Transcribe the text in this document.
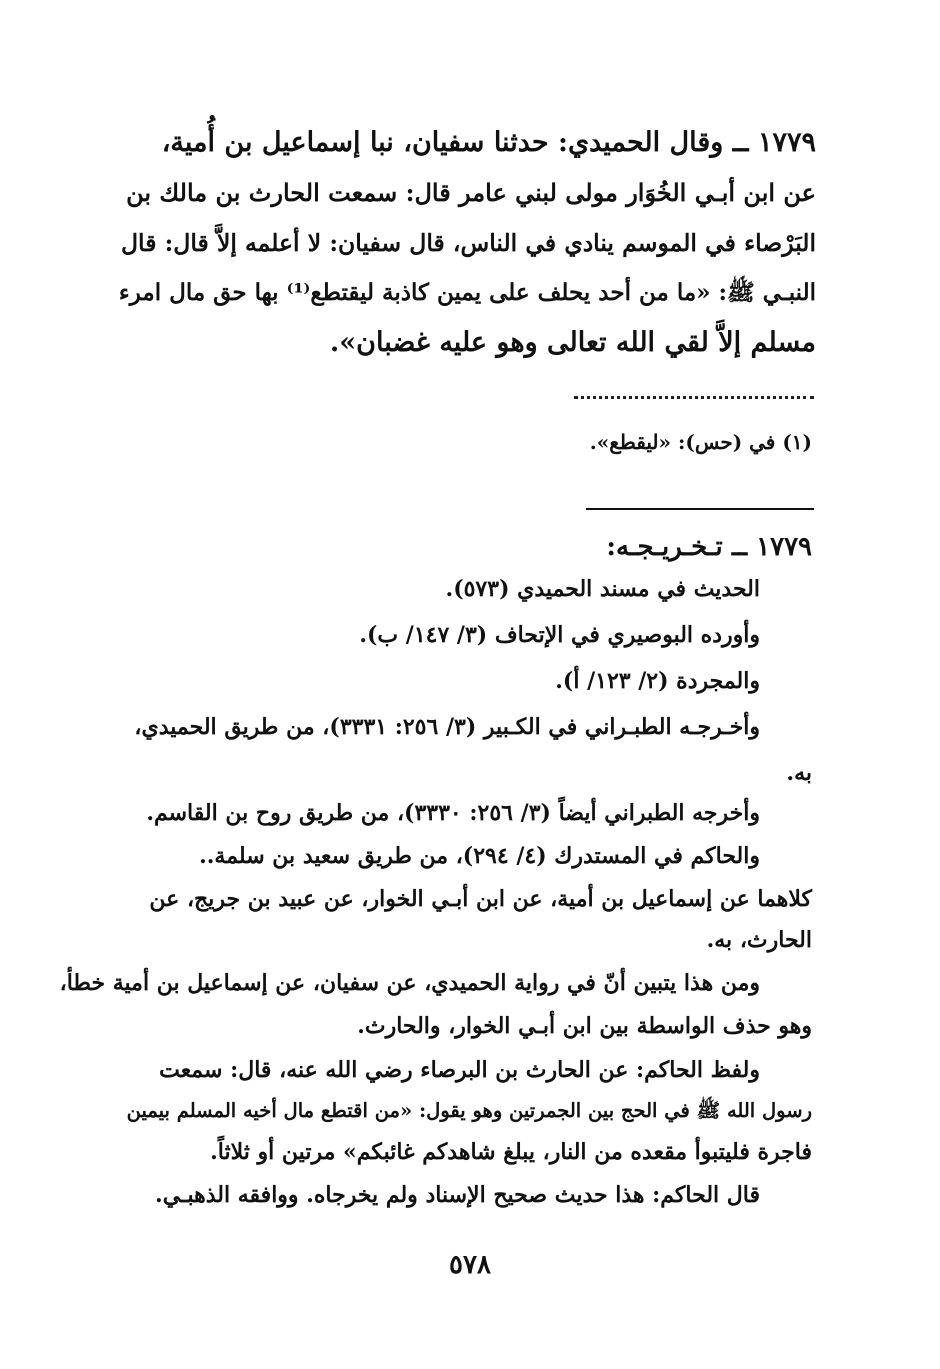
١٧٧٩ ــ وقال الحميدي: حدثنا سفيان، نبا إسماعيل بن أُمية،
عن ابن أبـي الخُوَار مولى لبني عامر قال: سمعت الحارث بن مالك بن
البَرْصاء في الموسم ينادي في الناس، قال سفيان: لا أعلمه إلاَّ قال: قال
النبـي ﷺ: «ما من أحد يحلف على يمين كاذبة ليقتطع⁽¹⁾ بها حق مال امرء
مسلم إلاَّ لقي الله تعالى وهو عليه غضبان».
(١) في (حس): «ليقطع».
١٧٧٩ ــ تـخـريـجـه:
الحديث في مسند الحميدي (٥٧٣).
وأورده البوصيري في الإتحاف (٣/ ١٤٧/ ب).
والمجردة (٢/ ١٢٣/ أ).
وأخـرجـه الطبـراني في الكـبير (٣/ ٢٥٦: ٣٣٣١)، من طريق الحميدي،
به.
وأخرجه الطبراني أيضاً (٣/ ٢٥٦: ٣٣٣٠)، من طريق روح بن القاسم.
والحاكم في المستدرك (٤/ ٢٩٤)، من طريق سعيد بن سلمة..
كلاهما عن إسماعيل بن أمية، عن ابن أبـي الخوار، عن عبيد بن جريج، عن
الحارث، به.
ومن هذا يتبين أنّ في رواية الحميدي، عن سفيان، عن إسماعيل بن أمية خطأ،
وهو حذف الواسطة بين ابن أبـي الخوار، والحارث.
ولفظ الحاكم: عن الحارث بن البرصاء رضي الله عنه، قال: سمعت
رسول الله ﷺ في الحج بين الجمرتين وهو يقول: «من اقتطع مال أخيه المسلم بيمين
فاجرة فليتبوأ مقعده من النار، يبلغ شاهدكم غائبكم» مرتين أو ثلاثاً.
قال الحاكم: هذا حديث صحيح الإسناد ولم يخرجاه. ووافقه الذهبـي.
٥٧٨
